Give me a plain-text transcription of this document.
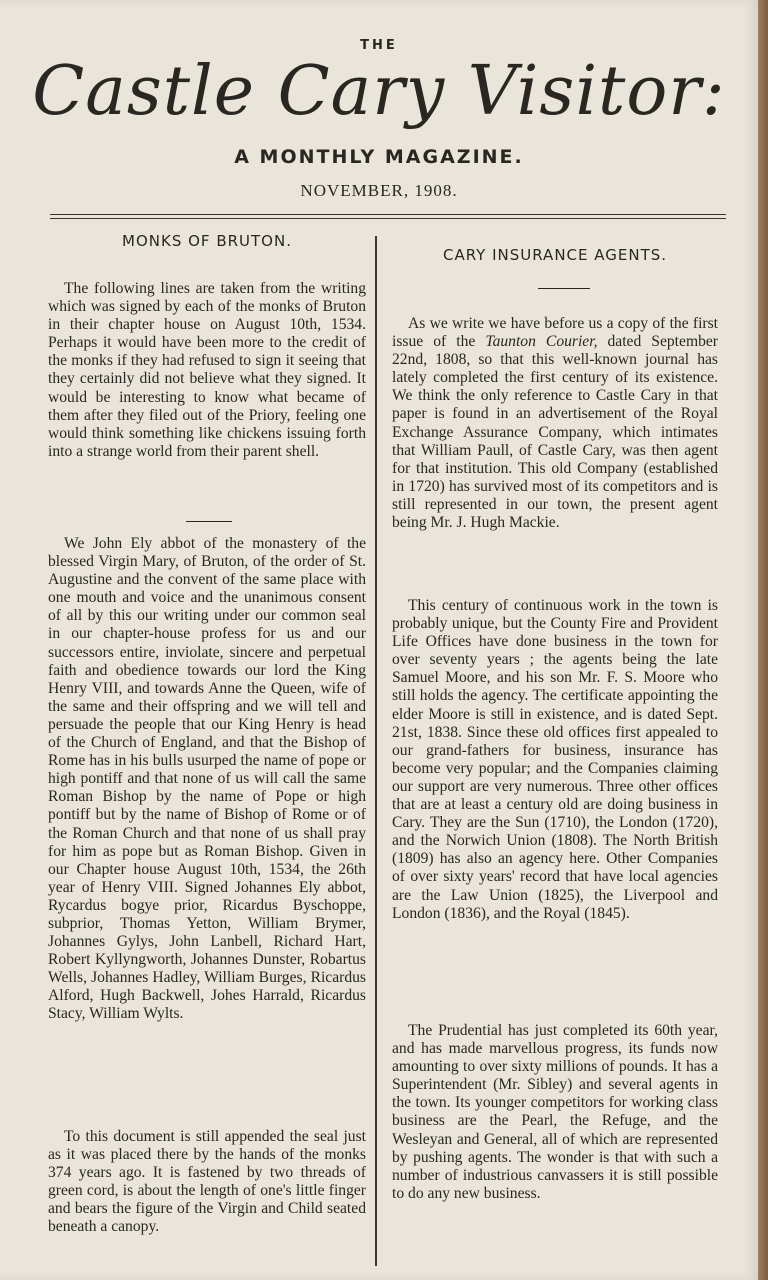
THE
Castle Cary Visitor:
A MONTHLY MAGAZINE.
NOVEMBER, 1908.
MONKS OF BRUTON.

The following lines are taken from the writing which was signed by each of the monks of Bruton in their chapter house on August 10th, 1534. Perhaps it would have been more to the credit of the monks if they had refused to sign it seeing that they certainly did not believe what they signed. It would be interesting to know what became of them after they filed out of the Priory, feeling one would think something like chickens issuing forth into a strange world from their parent shell.

We John Ely abbot of the monastery of the blessed Virgin Mary, of Bruton, of the order of St. Augustine and the convent of the same place with one mouth and voice and the unanimous consent of all by this our writing under our common seal in our chapter-house profess for us and our successors entire, inviolate, sincere and perpetual faith and obedience towards our lord the King Henry VIII, and towards Anne the Queen, wife of the same and their offspring and we will tell and persuade the people that our King Henry is head of the Church of England, and that the Bishop of Rome has in his bulls usurped the name of pope or high pontiff and that none of us will call the same Roman Bishop by the name of Pope or high pontiff but by the name of Bishop of Rome or of the Roman Church and that none of us shall pray for him as pope but as Roman Bishop. Given in our Chapter house August 10th, 1534, the 26th year of Henry VIII. Signed Johannes Ely abbot, Rycardus bogye prior, Ricardus Byschoppe, subprior, Thomas Yetton, William Brymer, Johannes Gylys, John Lanbell, Richard Hart, Robert Kyllyngworth, Johannes Dunster, Robartus Wells, Johannes Hadley, William Burges, Ricardus Alford, Hugh Backwell, Johes Harrald, Ricardus Stacy, William Wylts.

To this document is still appended the seal just as it was placed there by the hands of the monks 374 years ago. It is fastened by two threads of green cord, is about the length of one's little finger and bears the figure of the Virgin and Child seated beneath a canopy.

CARY INSURANCE AGENTS.

As we write we have before us a copy of the first issue of the Taunton Courier, dated September 22nd, 1808, so that this well-known journal has lately completed the first century of its existence. We think the only reference to Castle Cary in that paper is found in an advertisement of the Royal Exchange Assurance Company, which intimates that William Paull, of Castle Cary, was then agent for that institution. This old Company (established in 1720) has survived most of its competitors and is still represented in our town, the present agent being Mr. J. Hugh Mackie.

This century of continuous work in the town is probably unique, but the County Fire and Provident Life Offices have done business in the town for over seventy years ; the agents being the late Samuel Moore, and his son Mr. F. S. Moore who still holds the agency. The certificate appointing the elder Moore is still in existence, and is dated Sept. 21st, 1838. Since these old offices first appealed to our grand-fathers for business, insurance has become very popular; and the Companies claiming our support are very numerous. Three other offices that are at least a century old are doing business in Cary. They are the Sun (1710), the London (1720), and the Norwich Union (1808). The North British (1809) has also an agency here. Other Companies of over sixty years' record that have local agencies are the Law Union (1825), the Liverpool and London (1836), and the Royal (1845).

The Prudential has just completed its 60th year, and has made marvellous progress, its funds now amounting to over sixty millions of pounds. It has a Superintendent (Mr. Sibley) and several agents in the town. Its younger competitors for working class business are the Pearl, the Refuge, and the Wesleyan and General, all of which are represented by pushing agents. The wonder is that with such a number of industrious canvassers it is still possible to do any new business.
